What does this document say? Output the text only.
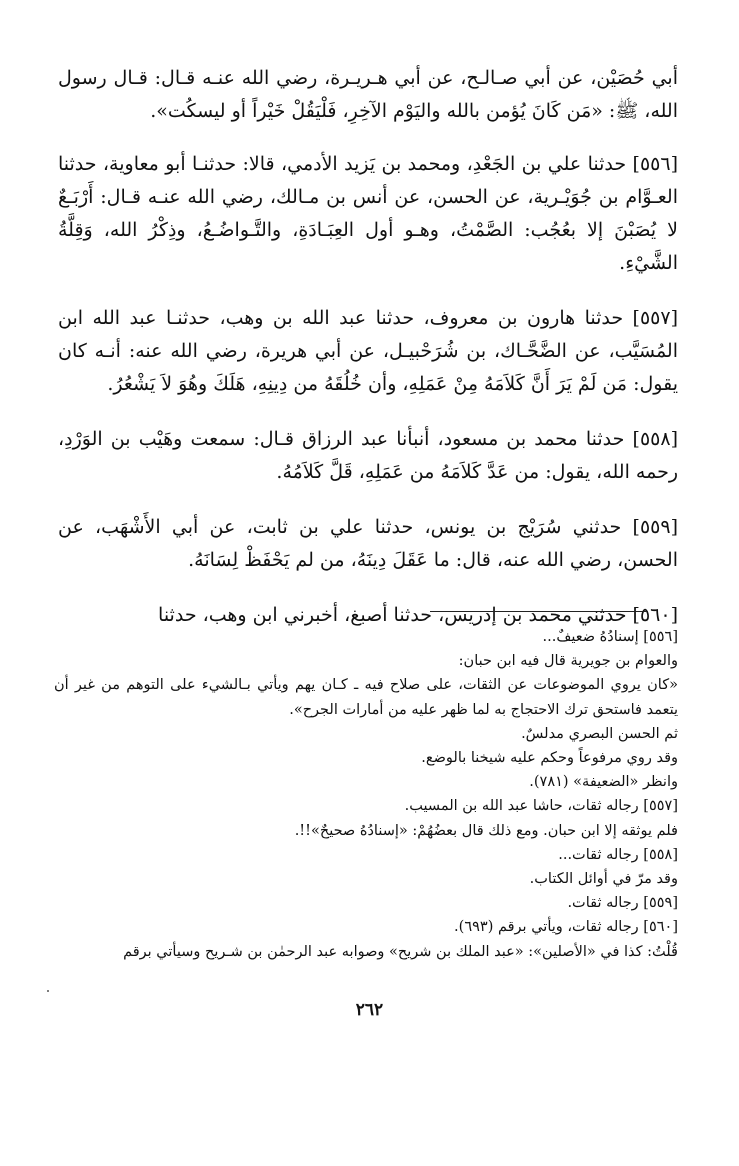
أبي حُصَيْن، عن أبي صـالـح، عن أبي هـريـرة، رضي الله عنـه قـال: قـال رسول الله، ﷺ: «مَن كَانَ يُؤمن بالله واليَوْم الآخِرِ، فَلْيَقُلْ خَيْراً أو ليسكُت».

[٥٥٦] حدثنا علي بن الجَعْدِ، ومحمد بن يَزيد الأدمي، قالا: حدثنـا أبو معاوية، حدثنا العـوَّام بن جُوَيْـرية، عن الحسن، عن أنس بن مـالك، رضي الله عنـه قـال: أَرْبَـعٌ لا يُصَبْنَ إلا بعُجُب: الصَّمْتُ، وهـو أول العِبَـادَةِ، والتَّـواضُـعُ، وذِكْرُ الله، وَقِلَّةُ الشَّيْءِ.

[٥٥٧] حدثنا هارون بن معروف، حدثنا عبد الله بن وهب، حدثنـا عبد الله ابن المُسَيَّب، عن الضَّحَّـاك، بن شُرَحْبيـل، عن أبي هريرة، رضي الله عنه: أنـه كان يقول: مَن لَمْ يَرَ أَنَّ كَلاَمَهُ مِنْ عَمَلِهِ، وأن خُلُقَهُ من دِينِهِ، هَلَكَ وهُوَ لاَ يَشْعُرُ.

[٥٥٨] حدثنا محمد بن مسعود، أنبأنا عبد الرزاق قـال: سمعت وهَيْب بن الوَرْدِ، رحمه الله، يقول: من عَدَّ كَلاَمَهُ من عَمَلِهِ، قَلَّ كَلاَمُهُ.

[٥٥٩] حدثني سُرَيْج بن يونس، حدثنا علي بن ثابت، عن أبي الأَشْهَب، عن الحسن، رضي الله عنه، قال: ما عَقَلَ دِينَهُ، من لم يَحْفَظْ لِسَانَهُ.

[٥٦٠] حدثني محمد بن إدريس، حدثنا أصبغ، أخبرني ابن وهب، حدثنا

[٥٥٦] إسنادُهُ ضعيفٌ...

والعوام بن جويرية قال فيه ابن حبان:

«كان يروي الموضوعات عن الثقات، على صلاح فيه ـ كـان يهم ويأتي بـالشيء على التوهم من غير أن يتعمد فاستحق ترك الاحتجاج به لما ظهر عليه من أمارات الجرح».

ثم الحسن البصري مدلسٌ.

وقد روي مرفوعاً وحكم عليه شيخنا بالوضع.

وانظر «الضعيفة» (٧٨١).

[٥٥٧] رجاله ثقات، حاشا عبد الله بن المسيب.

فلم يوثقه إلا ابن حبان. ومع ذلك قال بعضُهُمْ: «إسنادُهُ صحيحٌ»!!.

[٥٥٨] رجاله ثقات...

وقد مرّ في أوائل الكتاب.

[٥٥٩] رجاله ثقات.

[٥٦٠] رجاله ثقات، ويأتي برقم (٦٩٣).

قُلْتُ: كذا في «الأصلين»: «عبد الملك بن شريح» وصوابه عبد الرحمٰن بن شـريح وسيأتي برقم

٢٦٢
